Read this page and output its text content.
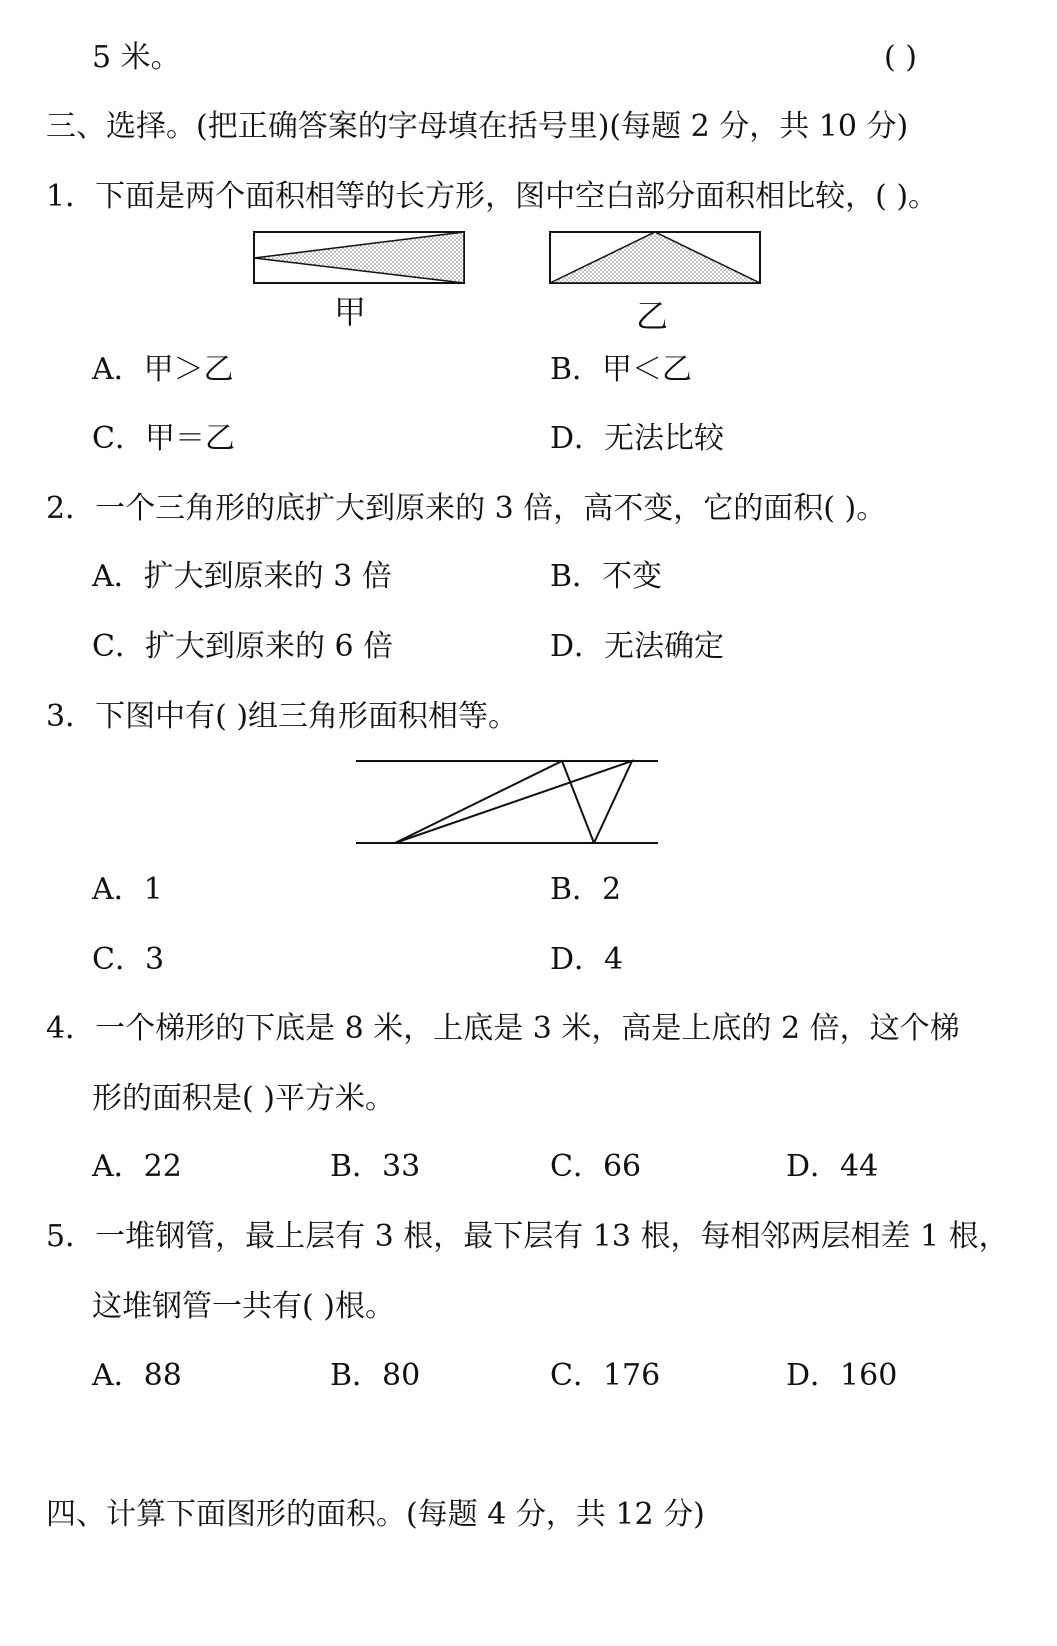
5 米。	( )
三、选择。(把正确答案的字母填在括号里)(每题 2 分，共 10 分)
1．下面是两个面积相等的长方形，图中空白部分面积相比较，( )。
甲	乙
A．甲＞乙	B．甲＜乙
C．甲＝乙	D．无法比较
2．一个三角形的底扩大到原来的 3 倍，高不变，它的面积( )。
A．扩大到原来的 3 倍	B．不变
C．扩大到原来的 6 倍	D．无法确定
3．下图中有( )组三角形面积相等。
A．1	B．2
C．3	D．4
4．一个梯形的下底是 8 米，上底是 3 米，高是上底的 2 倍，这个梯
形的面积是( )平方米。
A．22	B．33	C．66	D．44
5．一堆钢管，最上层有 3 根，最下层有 13 根，每相邻两层相差 1 根，
这堆钢管一共有( )根。
A．88	B．80	C．176	D．160
四、计算下面图形的面积。(每题 4 分，共 12 分)
